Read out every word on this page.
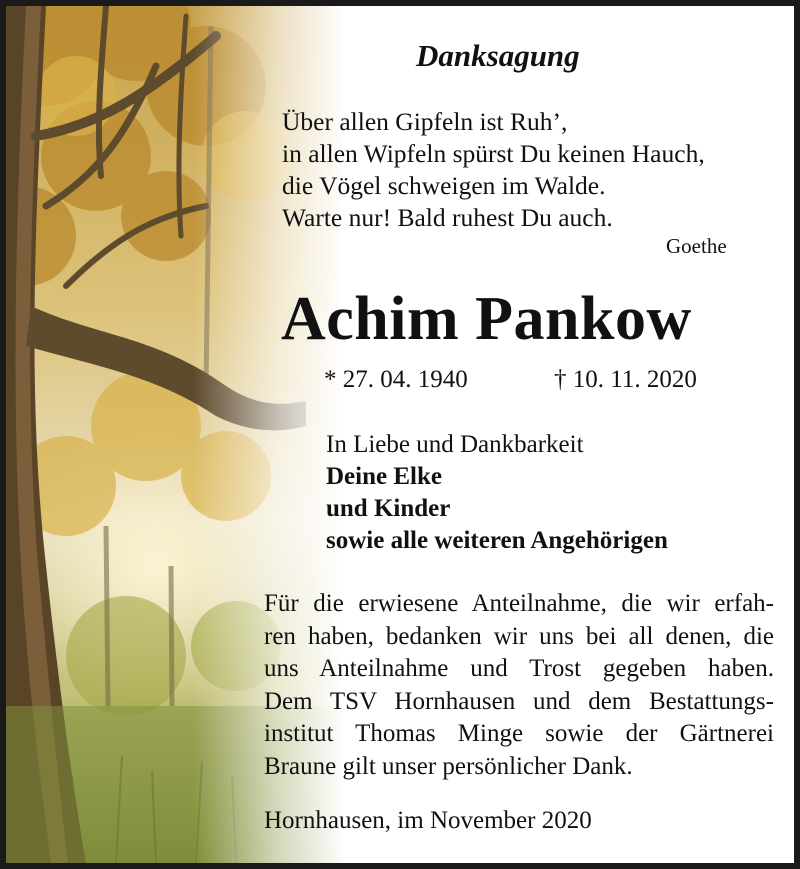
Danksagung
Über allen Gipfeln ist Ruh’,
in allen Wipfeln spürst Du keinen Hauch,
die Vögel schweigen im Walde.
Warte nur! Bald ruhest Du auch.
Goethe
Achim Pankow
* 27. 04. 1940	† 10. 11. 2020
In Liebe und Dankbarkeit
Deine Elke
und Kinder
sowie alle weiteren Angehörigen
Für die erwiesene Anteilnahme, die wir erfah-
ren haben, bedanken wir uns bei all denen, die
uns Anteilnahme und Trost gegeben haben.
Dem TSV Hornhausen und dem Bestattungs-
institut Thomas Minge sowie der Gärtnerei
Braune gilt unser persönlicher Dank.
Hornhausen, im November 2020
